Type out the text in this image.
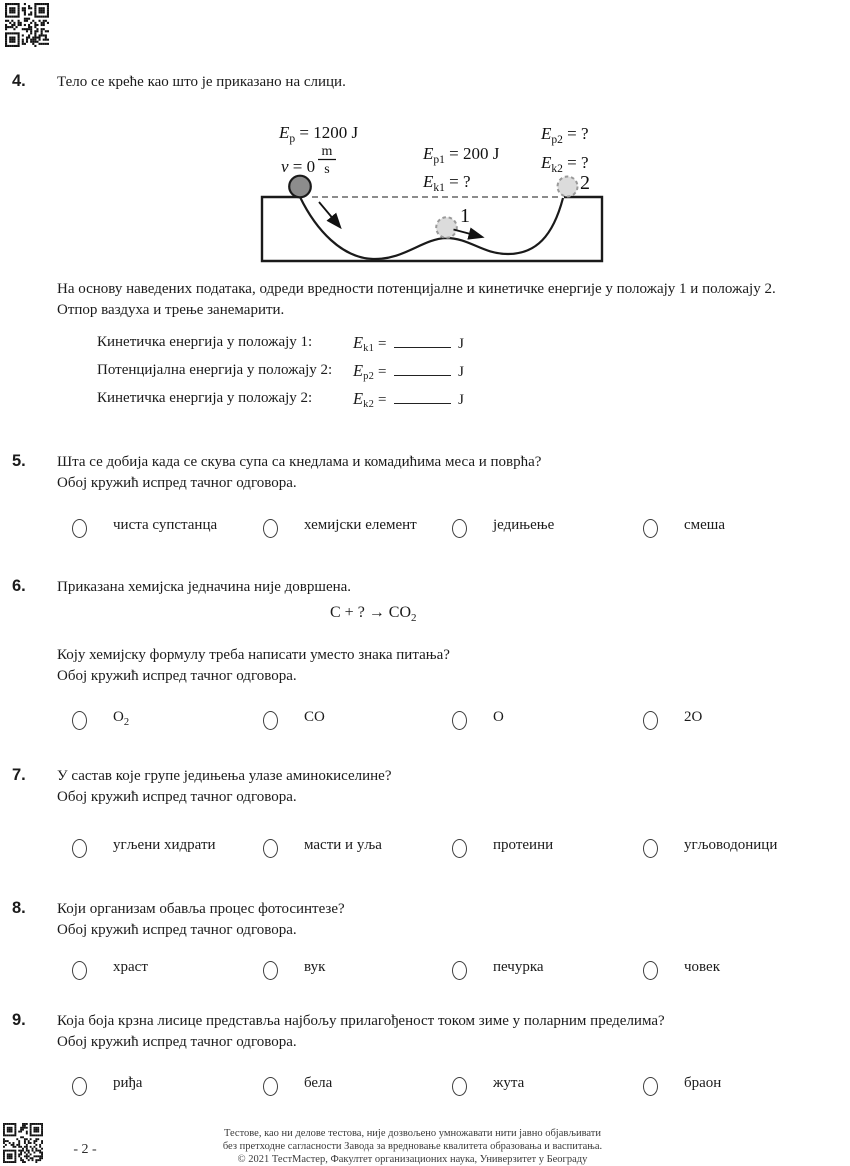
4.	Тело се креће као што је приказано на слици.
$E_p = 1200$ J
v = 0
m
s
$E_{p1} = 200$ J
$E_{k1}$ = ?
$E_{p2}$ = ?
$E_{k2}$ = ?
1
2
На основу наведених података, одреди вредности потенцијалне и кинетичке енергије у положају 1 и положају 2.
Отпор ваздуха и трење занемарити.
Кинетичка енергија у положају 1: $E_{k1}$ =	J
Потенцијална енергија у положају 2: $E_{p2}$ =	J
Кинетичка енергија у положају 2: $E_{k2}$ =	J
5.	Шта се добија када се скува супа са кнедлама и комадићима меса и поврћа?
Обој кружић испред тачног одговора.
чиста супстанца	хемијски елемент	једињење	смеша
6.	Приказана хемијска једначина није довршена.
C + ? → $CO_2$
Коју хемијску формулу треба написати уместо знака питања?
Обој кружић испред тачног одговора.
$O_2$	CO	O	2O
7.	У састав које групе једињења улазе аминокиселине?
Обој кружић испред тачног одговора.
угљени хидрати	масти и уља	протеини	угљоводоници
8.	Који организам обавља процес фотосинтезе?
Обој кружић испред тачног одговора.
храст	вук	печурка	човек
9.	Која боја крзна лисице представља најбољу прилагођеност током зиме у поларним пределима?
Обој кружић испред тачног одговора.
риђа	бела	жута	браон
- 2 -
Тестове, као ни делове тестова, није дозвољено умножавати нити јавно објављивати
без претходне сагласности Завода за вредновање квалитета образовања и васпитања.
© 2021 ТестМастер, Факултет организационих наука, Универзитет у Београду
